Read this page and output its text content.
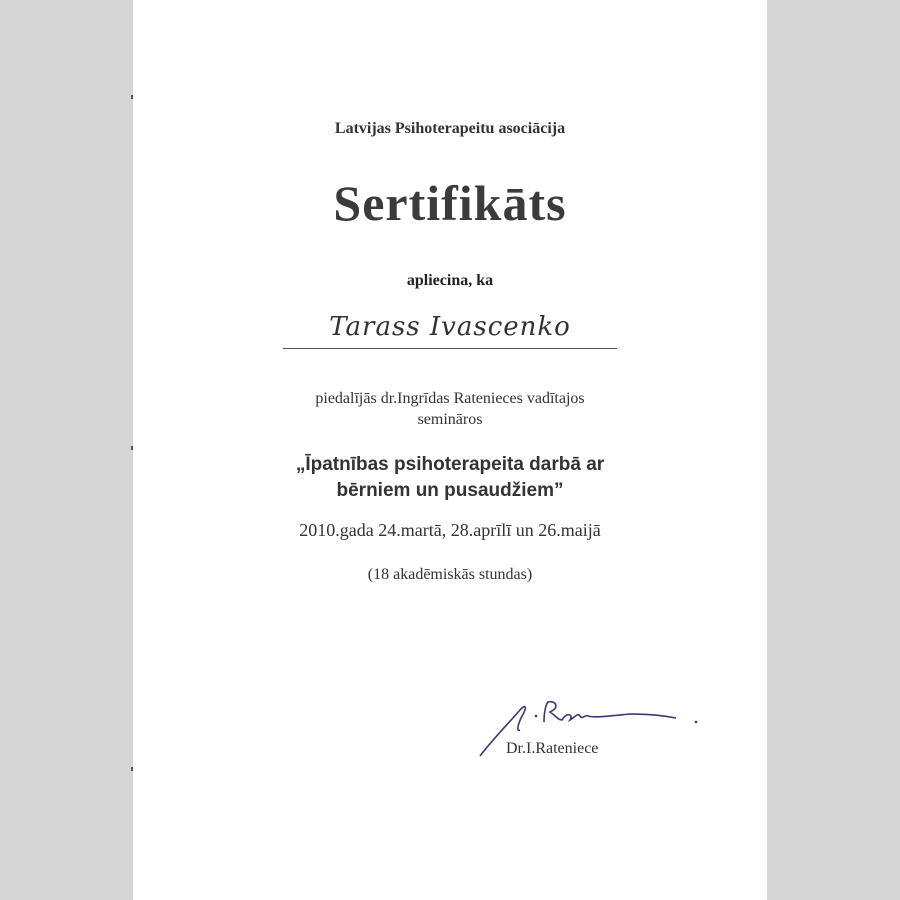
Latvijas Psihoterapeitu asociācija
Sertifikāts
apliecina, ka
Tarass Ivascenko
piedalījās dr.Ingrīdas Ratenieces vadītajos
semināros
„Īpatnības psihoterapeita darbā ar
bērniem un pusaudžiem”
2010.gada 24.martā, 28.aprīlī un 26.maijā
(18 akadēmiskās stundas)
Dr.I.Rateniece
